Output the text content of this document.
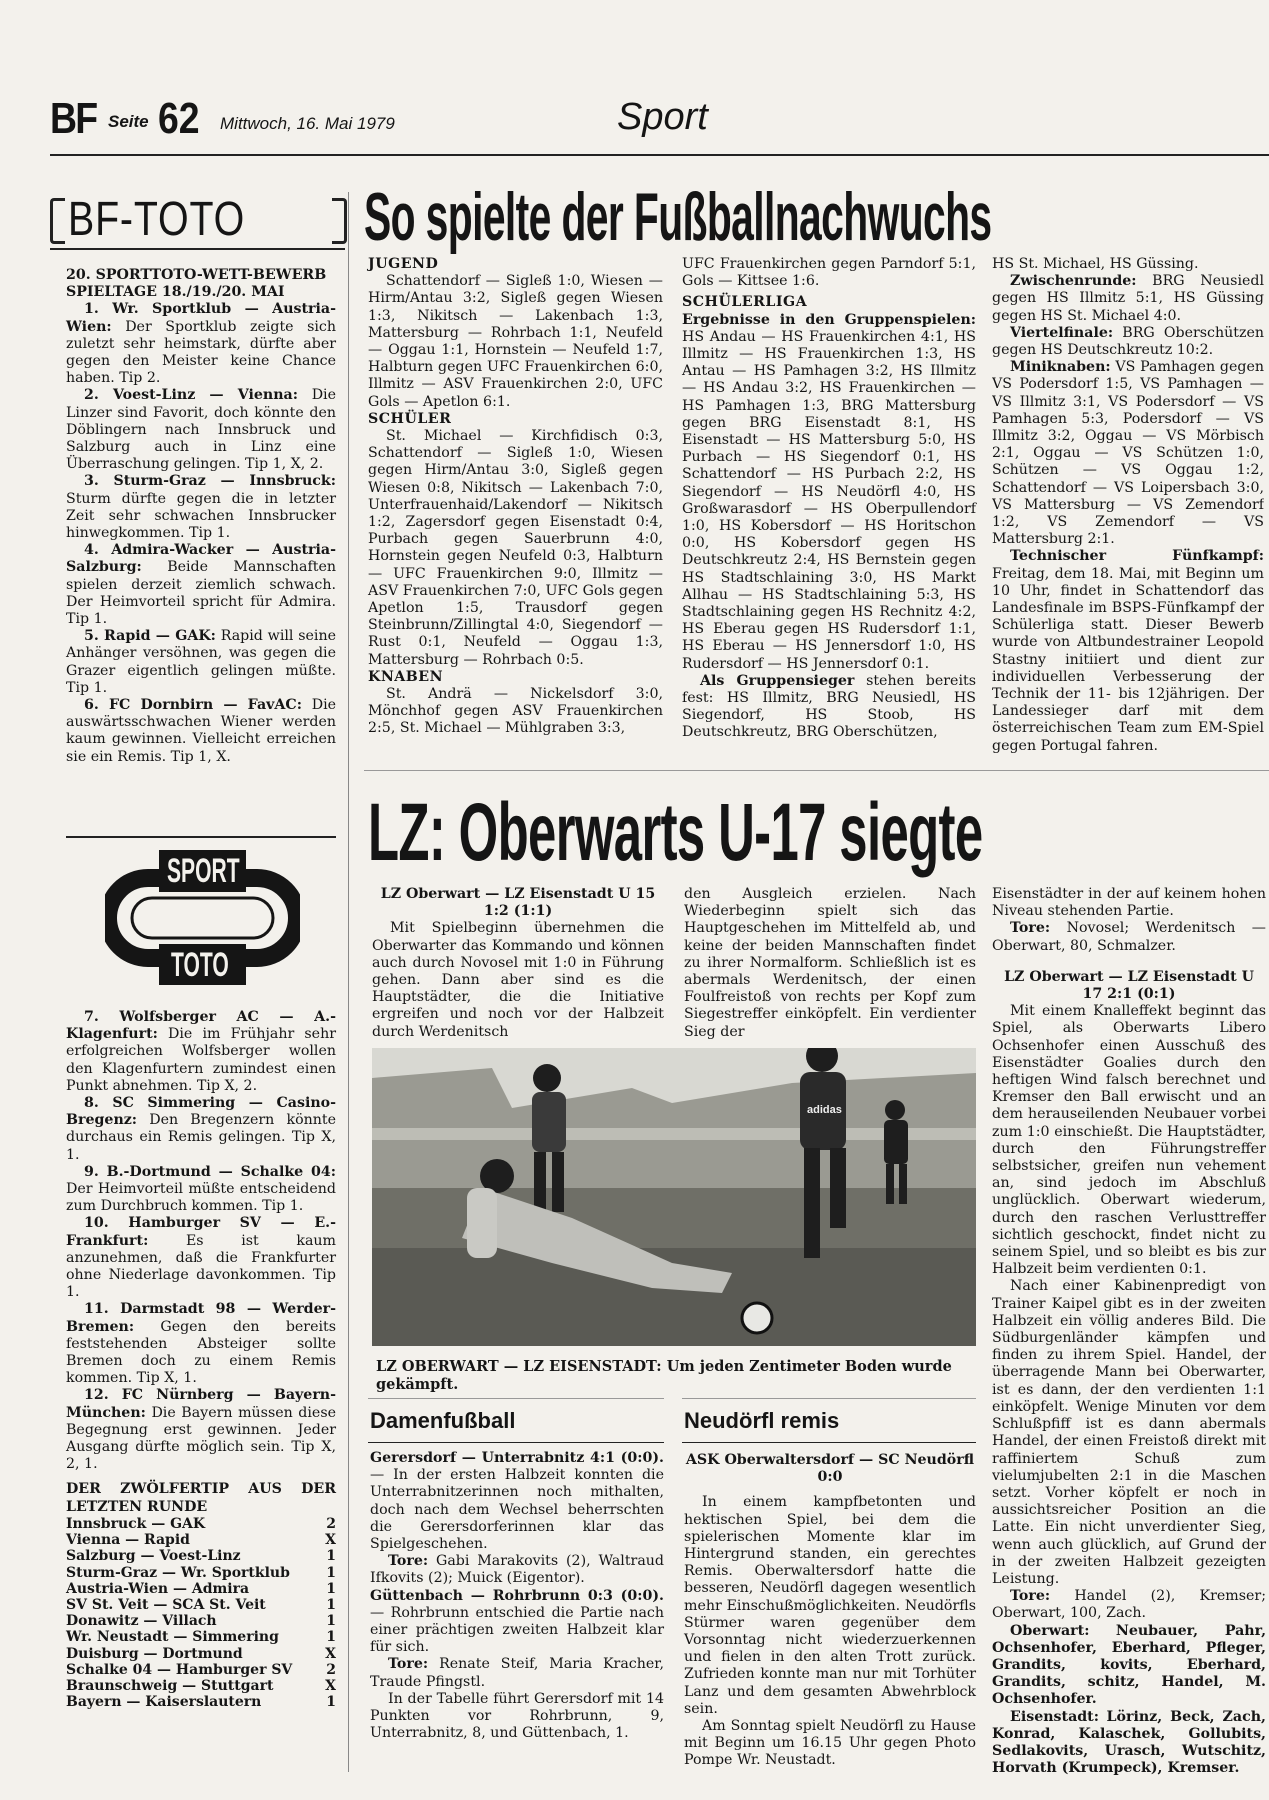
BF Seite 62 Mittwoch, 16. Mai 1979	Sport
BF-TOTO

20. SPORTTOTO-WETT-BEWERB

SPIELTAGE 18./19./20. MAI

1. Wr. Sportklub — Austria-Wien: Der Sportklub zeigte sich zuletzt sehr heimstark, dürfte aber gegen den Meister keine Chance haben. Tip 2.

2. Voest-Linz — Vienna: Die Linzer sind Favorit, doch könnte den Döblingern nach Innsbruck und Salzburg auch in Linz eine Überraschung gelingen. Tip 1, X, 2.

3. Sturm-Graz — Innsbruck: Sturm dürfte gegen die in letzter Zeit sehr schwachen Innsbrucker hinwegkommen. Tip 1.

4. Admira-Wacker — Austria-Salzburg: Beide Mannschaften spielen derzeit ziemlich schwach. Der Heimvorteil spricht für Admira. Tip 1.

5. Rapid — GAK: Rapid will seine Anhänger versöhnen, was gegen die Grazer eigentlich gelingen müßte. Tip 1.

6. FC Dornbirn — FavAC: Die auswärtsschwachen Wiener werden kaum gewinnen. Vielleicht erreichen sie ein Remis. Tip 1, X.

SPORT
TOTO

7. Wolfsberger AC — A.-Klagenfurt: Die im Frühjahr sehr erfolgreichen Wolfsberger wollen den Klagenfurtern zumindest einen Punkt abnehmen. Tip X, 2.

8. SC Simmering — Casino-Bregenz: Den Bregenzern könnte durchaus ein Remis gelingen. Tip X, 1.

9. B.-Dortmund — Schalke 04: Der Heimvorteil müßte entscheidend zum Durchbruch kommen. Tip 1.

10. Hamburger SV — E.-Frankfurt:	Es ist kaum anzunehmen, daß die Frankfurter ohne Niederlage davonkommen. Tip 1.

11. Darmstadt 98 — Werder-Bremen: Gegen den bereits feststehenden Absteiger sollte Bremen doch zu einem Remis kommen. Tip X, 1.

12. FC Nürnberg — Bayern-München: Die Bayern müssen diese Begegnung erst gewinnen. Jeder Ausgang dürfte möglich sein. Tip X, 2, 1.

DER ZWÖLFERTIP AUS DER LETZTEN RUNDE

Innsbruck — GAK	2
Vienna — Rapid	X
Salzburg — Voest-Linz	1
Sturm-Graz — Wr. Sportklub	1
Austria-Wien — Admira	1
SV St. Veit — SCA St. Veit	1
Donawitz — Villach	1
Wr. Neustadt — Simmering	1
Duisburg — Dortmund	X
Schalke 04 — Hamburger SV 2
Braunschweig — Stuttgart	X
Bayern — Kaiserslautern	1
So spielte der Fußballnachwuchs

JUGEND

Schattendorf — Sigleß 1:0, Wiesen — Hirm/Antau 3:2, Sigleß gegen Wiesen 1:3, Nikitsch — Lakenbach 1:3, Mattersburg — Rohrbach 1:1, Neufeld — Oggau 1:1, Hornstein — Neufeld 1:7, Halbturn gegen UFC Frauenkirchen 6:0, Illmitz — ASV Frauenkirchen 2:0, UFC Gols — Apetlon 6:1.

SCHÜLER

St. Michael — Kirchfidisch 0:3, Schattendorf — Sigleß 1:0, Wiesen gegen Hirm/Antau 3:0, Sigleß gegen Wiesen 0:8, Nikitsch — Lakenbach 7:0, Unterfrauenhaid/Lakendorf — Nikitsch 1:2, Zagersdorf gegen Eisenstadt 0:4, Purbach gegen Sauerbrunn 4:0, Hornstein gegen Neufeld 0:3, Halbturn — UFC Frauenkirchen 9:0, Illmitz — ASV Frauenkirchen 7:0, UFC Gols gegen Apetlon 1:5, Trausdorf gegen Steinbrunn/Zillingtal 4:0, Siegendorf — Rust 0:1, Neufeld — Oggau 1:3, Mattersburg — Rohrbach 0:5.

KNABEN

St. Andrä — Nickelsdorf 3:0, Mönchhof gegen ASV Frauenkirchen 2:5, St. Michael — Mühlgraben 3:3,

UFC Frauenkirchen gegen Parndorf 5:1, Gols — Kittsee 1:6.

SCHÜLERLIGA

Ergebnisse in den Gruppenspielen: HS Andau — HS Frauenkirchen 4:1, HS Illmitz — HS Frauenkirchen 1:3, HS Antau — HS Pamhagen 3:2, HS Illmitz — HS Andau 3:2, HS Frauenkirchen — HS Pamhagen 1:3, BRG Mattersburg gegen BRG Eisenstadt 8:1, HS Eisenstadt — HS Mattersburg 5:0, HS Purbach — HS Siegendorf 0:1, HS Schattendorf — HS Purbach 2:2, HS Siegendorf — HS Neudörfl 4:0, HS Großwarasdorf — HS Oberpullendorf 1:0, HS Kobersdorf — HS Horitschon 0:0, HS Kobersdorf gegen HS Deutschkreutz 2:4, HS Bernstein gegen HS Stadtschlaining 3:0, HS Markt Allhau — HS Stadtschlaining 5:3, HS Stadtschlaining gegen HS Rechnitz 4:2, HS Eberau gegen HS Rudersdorf 1:1, HS Eberau — HS Jennersdorf 1:0, HS Rudersdorf — HS Jennersdorf 0:1.

Als Gruppensieger stehen bereits fest: HS Illmitz, BRG Neusiedl, HS Siegendorf, HS Stoob, HS Deutschkreutz, BRG Oberschützen,

HS St. Michael, HS Güssing.

Zwischenrunde: BRG Neusiedl gegen HS Illmitz 5:1, HS Güssing gegen HS St. Michael 4:0.

Viertelfinale: BRG Oberschützen gegen HS Deutschkreutz 10:2.

Miniknaben: VS Pamhagen gegen VS Podersdorf 1:5, VS Pamhagen — VS Illmitz 3:1, VS Podersdorf — VS Pamhagen 5:3, Podersdorf — VS Illmitz 3:2, Oggau — VS Mörbisch 2:1, Oggau — VS Schützen 1:0, Schützen — VS Oggau 1:2, Schattendorf — VS Loipersbach 3:0, VS Mattersburg — VS Zemendorf 1:2, VS Zemendorf — VS Mattersburg 2:1.

Technischer Fünfkampf: Freitag, dem 18. Mai, mit Beginn um 10 Uhr, findet in Schattendorf das Landesfinale im BSPS-Fünfkampf der Schülerliga statt. Dieser Bewerb wurde von Altbundestrainer Leopold Stastny initiiert und dient zur individuellen Verbesserung der Technik der 11- bis 12jährigen. Der Landessieger darf mit dem österreichischen Team zum EM-Spiel gegen Portugal fahren.

LZ: Oberwarts U-17 siegte

LZ Oberwart — LZ Eisenstadt U 15 1:2 (1:1)

Mit Spielbeginn übernehmen die Oberwarter das Kommando und können auch durch Novosel mit 1:0 in Führung gehen. Dann aber sind es die Hauptstädter, die die Initiative ergreifen und noch vor der Halbzeit durch Werdenitsch

den Ausgleich erzielen. Nach Wiederbeginn spielt sich das Hauptgeschehen im Mittelfeld ab, und keine der beiden Mannschaften findet zu ihrer Normalform. Schließlich ist es abermals Werdenitsch, der einen Foulfreistoß von rechts per Kopf zum Siegestreffer einköpfelt. Ein verdienter Sieg der

adidas
LZ OBERWART — LZ EISENSTADT: Um jeden Zentimeter Boden wurde gekämpft.

Eisenstädter in der auf keinem hohen Niveau stehenden Partie.

Tore: Novosel; Werdenitsch — Oberwart, 80, Schmalzer.

LZ Oberwart — LZ Eisenstadt U 17 2:1 (0:1)

Mit einem Knalleffekt beginnt das Spiel, als Oberwarts Libero Ochsenhofer einen Ausschuß des Eisenstädter Goalies durch den heftigen Wind falsch berechnet und Kremser den Ball erwischt und an dem herauseilenden Neubauer vorbei zum 1:0 einschießt. Die Hauptstädter, durch den Führungstreffer selbstsicher, greifen nun vehement an, sind jedoch im Abschluß unglücklich. Oberwart wiederum, durch den raschen Verlusttreffer sichtlich geschockt, findet nicht zu seinem Spiel, und so bleibt es bis zur Halbzeit beim verdienten 0:1.

Nach einer Kabinenpredigt von Trainer Kaipel gibt es in der zweiten Halbzeit ein völlig anderes Bild. Die Südburgenländer kämpfen und finden zu ihrem Spiel. Handel, der überragende Mann bei Oberwarter, ist es dann, der den verdienten 1:1 einköpfelt. Wenige Minuten vor dem Schlußpfiff ist es dann abermals Handel, der einen Freistoß direkt mit raffiniertem Schuß zum vielumjubelten 2:1 in die Maschen setzt. Vorher köpfelt er noch in aussichtsreicher Position an die Latte. Ein nicht unverdienter Sieg, wenn auch glücklich, auf Grund der in der zweiten Halbzeit gezeigten Leistung.

Tore: Handel (2), Kremser; Oberwart, 100, Zach.

Oberwart: Neubauer, Pahr, Ochsenhofer, Eberhard, Pfleger, Grandits, kovits, Eberhard, Grandits, schitz, Handel, M. Ochsenhofer.

Eisenstadt: Lörinz, Beck, Zach, Konrad, Kalaschek, Gollubits, Sedlakovits, Urasch, Wutschitz, Horvath (Krumpeck), Kremser.

Damenfußball

Gerersdorf — Unterrabnitz 4:1 (0:0). — In der ersten Halbzeit konnten die Unterrabnitzerinnen noch mithalten, doch nach dem Wechsel beherrschten die Gerersdorferinnen klar das Spielgeschehen.

Tore: Gabi Marakovits (2), Waltraud Ifkovits (2); Muick (Eigentor).

Güttenbach — Rohrbrunn 0:3 (0:0). — Rohrbrunn entschied die Partie nach einer prächtigen zweiten Halbzeit klar für sich.

Tore: Renate Steif, Maria Kracher, Traude Pfingstl.

In der Tabelle führt Gerersdorf mit 14 Punkten vor Rohrbrunn, 9, Unterrabnitz, 8, und Güttenbach, 1.

Neudörfl remis

ASK Oberwaltersdorf — SC Neudörfl 0:0

In einem kampfbetonten und hektischen Spiel, bei dem die spielerischen Momente klar im Hintergrund standen, ein gerechtes Remis. Oberwaltersdorf hatte die besseren, Neudörfl dagegen wesentlich mehr Einschußmöglichkeiten. Neudörfls Stürmer waren gegenüber dem Vorsonntag nicht wiederzuerkennen und fielen in den alten Trott zurück. Zufrieden konnte man nur mit Torhüter Lanz und dem gesamten Abwehrblock sein.

Am Sonntag spielt Neudörfl zu Hause mit Beginn um 16.15 Uhr gegen Photo Pompe Wr. Neustadt.
